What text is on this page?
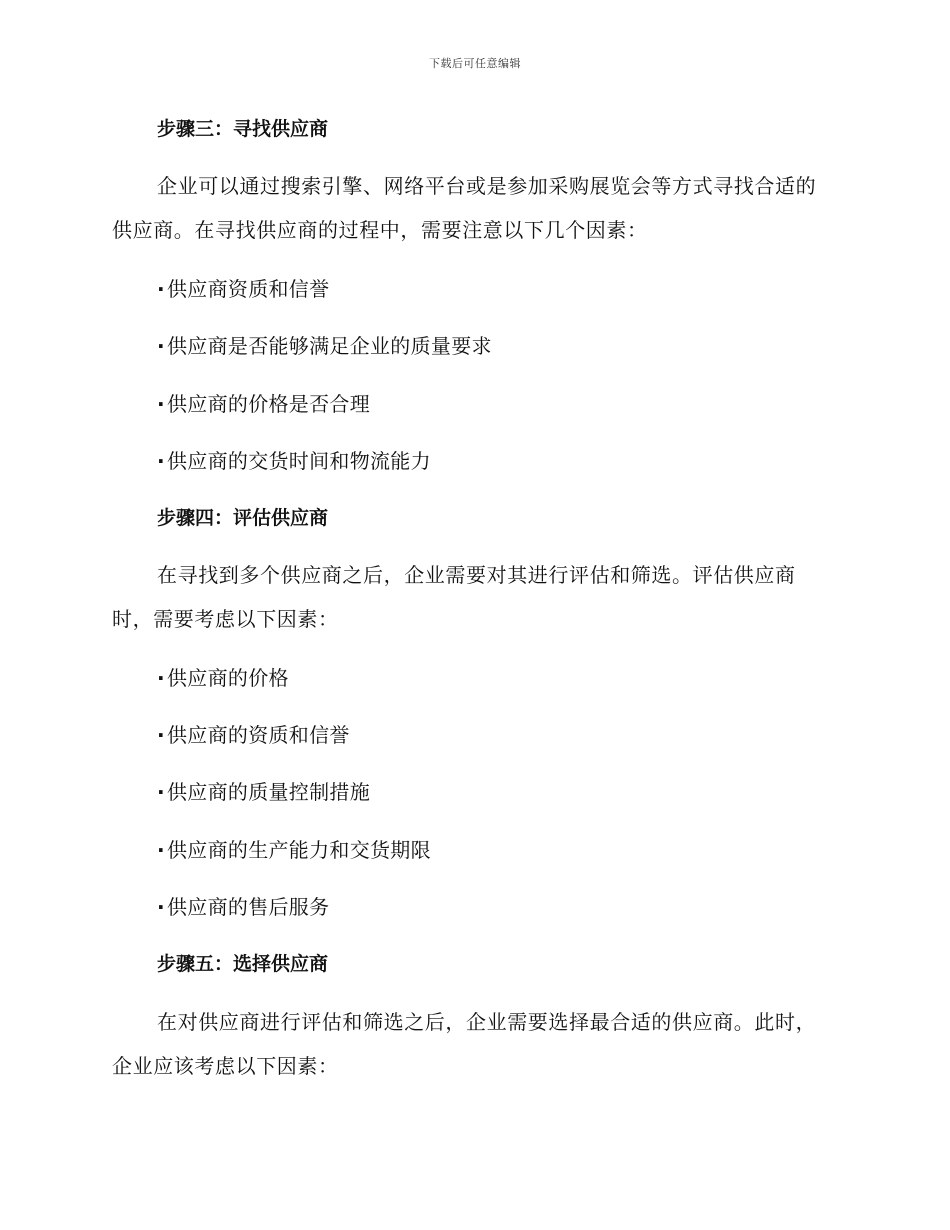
下载后可任意编辑
步骤三：寻找供应商
企业可以通过搜索引擎、网络平台或是参加采购展览会等方式寻找合适的供应商。在寻找供应商的过程中，需要注意以下几个因素：
· 供应商资质和信誉
· 供应商是否能够满足企业的质量要求
· 供应商的价格是否合理
· 供应商的交货时间和物流能力
步骤四：评估供应商
在寻找到多个供应商之后，企业需要对其进行评估和筛选。评估供应商时，需要考虑以下因素：
· 供应商的价格
· 供应商的资质和信誉
· 供应商的质量控制措施
· 供应商的生产能力和交货期限
· 供应商的售后服务
步骤五：选择供应商
在对供应商进行评估和筛选之后，企业需要选择最合适的供应商。此时，企业应该考虑以下因素：
